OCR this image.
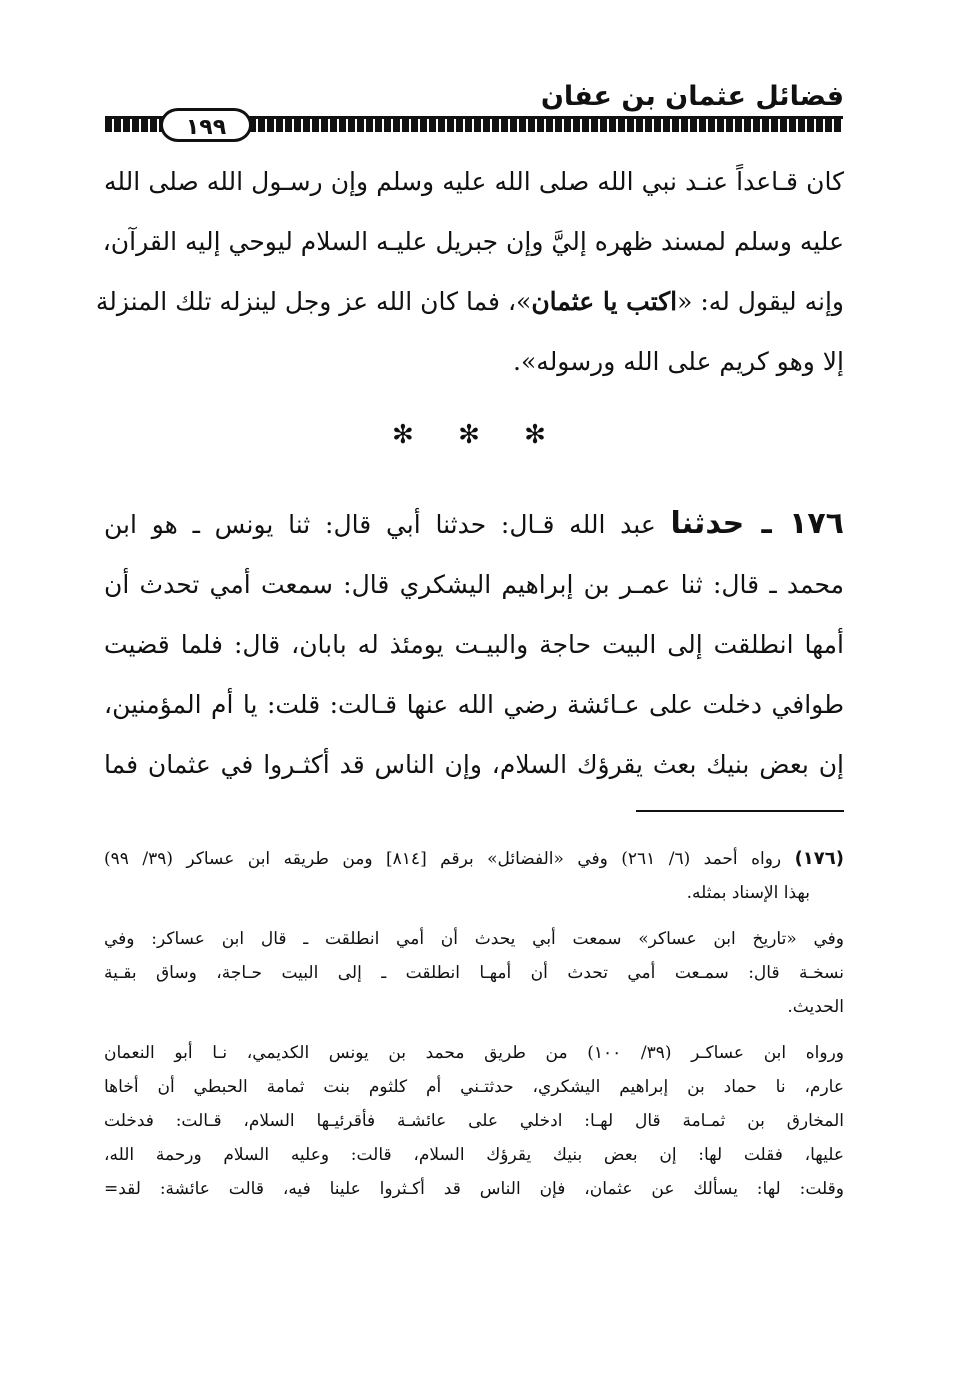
فضائل عثمان بن عفان
١٩٩
كان قـاعداً عنـد نبي الله صلى الله عليه وسلم وإن رسـول الله صلى الله
عليه وسلم لمسند ظهره إليَّ وإن جبريل عليـه السلام ليوحي إليه القرآن،
وإنه ليقول له: «اكتب يا عثمان»، فما كان الله عز وجل لينزله تلك المنزلة
إلا وهو كريم على الله ورسوله».
✻ ✻ ✻
١٧٦ ـ حدثنا عبد الله قـال: حدثنا أبي قال: ثنا يونس ـ هو ابن
محمد ـ قال: ثنا عمـر بن إبراهيم اليشكري قال: سمعت أمي تحدث أن
أمها انطلقت إلى البيت حاجة والبيـت يومئذ له بابان، قال: فلما قضيت
طوافي دخلت على عـائشة رضي الله عنها قـالت: قلت: يا أم المؤمنين،
إن بعض بنيك بعث يقرؤك السلام، وإن الناس قد أكثـروا في عثمان فما
(١٧٦) رواه أحمد (٦/ ٢٦١) وفي «الفضائل» برقم [٨١٤] ومن طريقه ابن عساكر (٣٩/ ٩٩)
بهذا الإسناد بمثله.
وفي «تاريخ ابن عساكر» سمعت أبي يحدث أن أمي انطلقت ـ قال ابن عساكر: وفي
نسخـة قال: سمـعت أمي تحدث أن أمهـا انطلقت ـ إلى البيت حـاجة، وساق بقـية
الحديث.
ورواه ابن عساكـر (٣٩/ ١٠٠) من طريق محمد بن يونس الكديمي، نـا أبو النعمان
عارم، نا حماد بن إبراهيم اليشكري، حدثتـني أم كلثوم بنت ثمامة الحبطي أن أخاها
المخارق بن ثمـامة قال لهـا: ادخلي على عائشـة فأقرئيـها السلام، قـالت: فدخلت
عليها، فقلت لها: إن بعض بنيك يقرؤك السلام، قالت: وعليه السلام ورحمة الله،
وقلت: لها: يسألك عن عثمان، فإن الناس قد أكـثروا علينا فيه، قالت عائشة: لقد=
